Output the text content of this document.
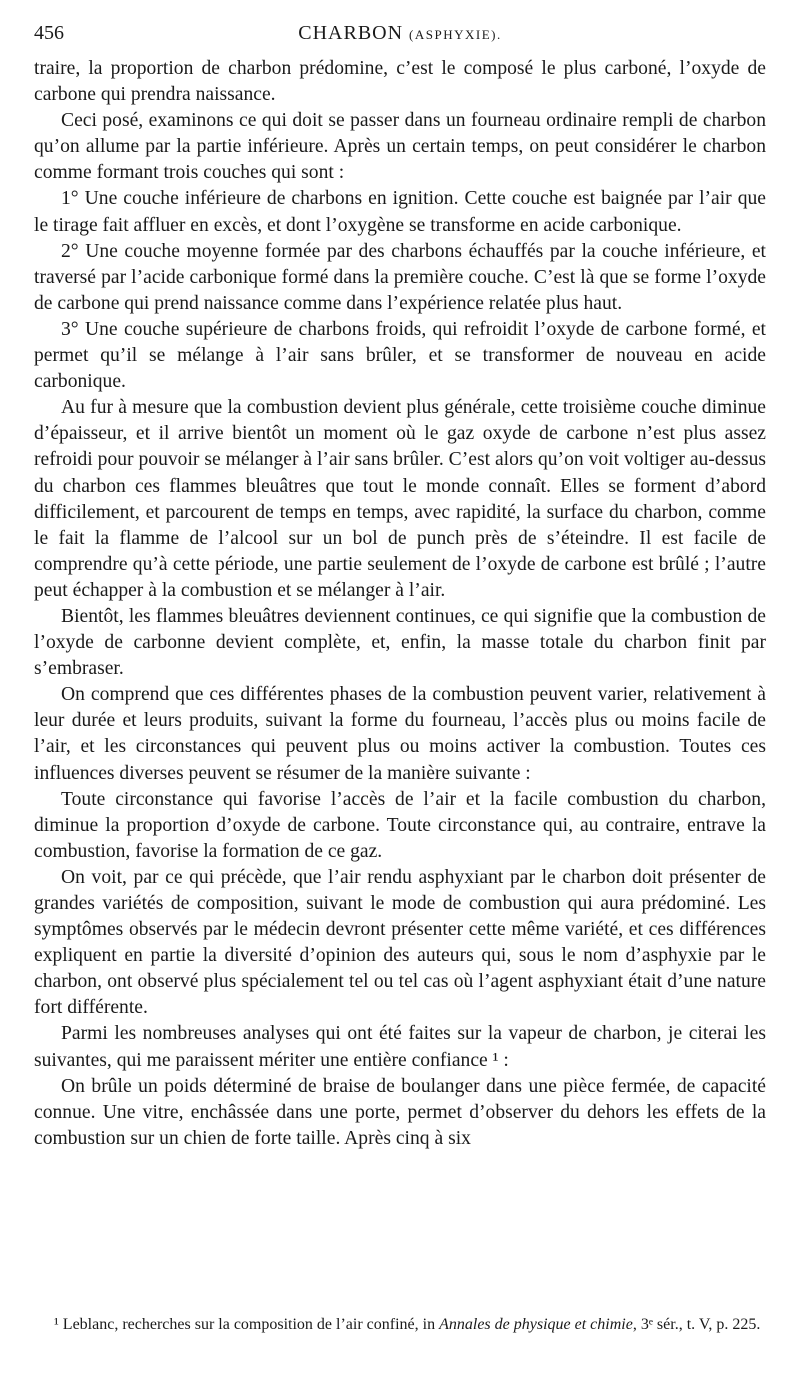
456	CHARBON (ASPHYXIE).

traire, la proportion de charbon prédomine, c’est le composé le plus carboné, l’oxyde de carbone qui prendra naissance.

Ceci posé, examinons ce qui doit se passer dans un fourneau ordinaire rempli de charbon qu’on allume par la partie inférieure. Après un certain temps, on peut considérer le charbon comme formant trois couches qui sont :

1° Une couche inférieure de charbons en ignition. Cette couche est baignée par l’air que le tirage fait affluer en excès, et dont l’oxygène se transforme en acide carbonique.

2° Une couche moyenne formée par des charbons échauffés par la couche inférieure, et traversé par l’acide carbonique formé dans la première couche. C’est là que se forme l’oxyde de carbone qui prend naissance comme dans l’expérience relatée plus haut.

3° Une couche supérieure de charbons froids, qui refroidit l’oxyde de carbone formé, et permet qu’il se mélange à l’air sans brûler, et se transformer de nouveau en acide carbonique.

Au fur à mesure que la combustion devient plus générale, cette troisième couche diminue d’épaisseur, et il arrive bientôt un moment où le gaz oxyde de carbone n’est plus assez refroidi pour pouvoir se mélanger à l’air sans brûler. C’est alors qu’on voit voltiger au-dessus du charbon ces flammes bleuâtres que tout le monde connaît. Elles se forment d’abord difficilement, et parcourent de temps en temps, avec rapidité, la surface du charbon, comme le fait la flamme de l’alcool sur un bol de punch près de s’éteindre. Il est facile de comprendre qu’à cette période, une partie seulement de l’oxyde de carbone est brûlé ; l’autre peut échapper à la combustion et se mélanger à l’air.

Bientôt, les flammes bleuâtres deviennent continues, ce qui signifie que la combustion de l’oxyde de carbonne devient complète, et, enfin, la masse totale du charbon finit par s’embraser.

On comprend que ces différentes phases de la combustion peuvent varier, relativement à leur durée et leurs produits, suivant la forme du fourneau, l’accès plus ou moins facile de l’air, et les circonstances qui peuvent plus ou moins activer la combustion. Toutes ces influences diverses peuvent se résumer de la manière suivante :

Toute circonstance qui favorise l’accès de l’air et la facile combustion du charbon, diminue la proportion d’oxyde de carbone. Toute circonstance qui, au contraire, entrave la combustion, favorise la formation de ce gaz.

On voit, par ce qui précède, que l’air rendu asphyxiant par le charbon doit présenter de grandes variétés de composition, suivant le mode de combustion qui aura prédominé. Les symptômes observés par le médecin devront présenter cette même variété, et ces différences expliquent en partie la diversité d’opinion des auteurs qui, sous le nom d’asphyxie par le charbon, ont observé plus spécialement tel ou tel cas où l’agent asphyxiant était d’une nature fort différente.

Parmi les nombreuses analyses qui ont été faites sur la vapeur de charbon, je citerai les suivantes, qui me paraissent mériter une entière confiance ¹ :

On brûle un poids déterminé de braise de boulanger dans une pièce fermée, de capacité connue. Une vitre, enchâssée dans une porte, permet d’observer du dehors les effets de la combustion sur un chien de forte taille. Après cinq à six

¹ Leblanc, recherches sur la composition de l’air confiné, in Annales de physique et chimie, 3ᵉ sér., t. V, p. 225.
